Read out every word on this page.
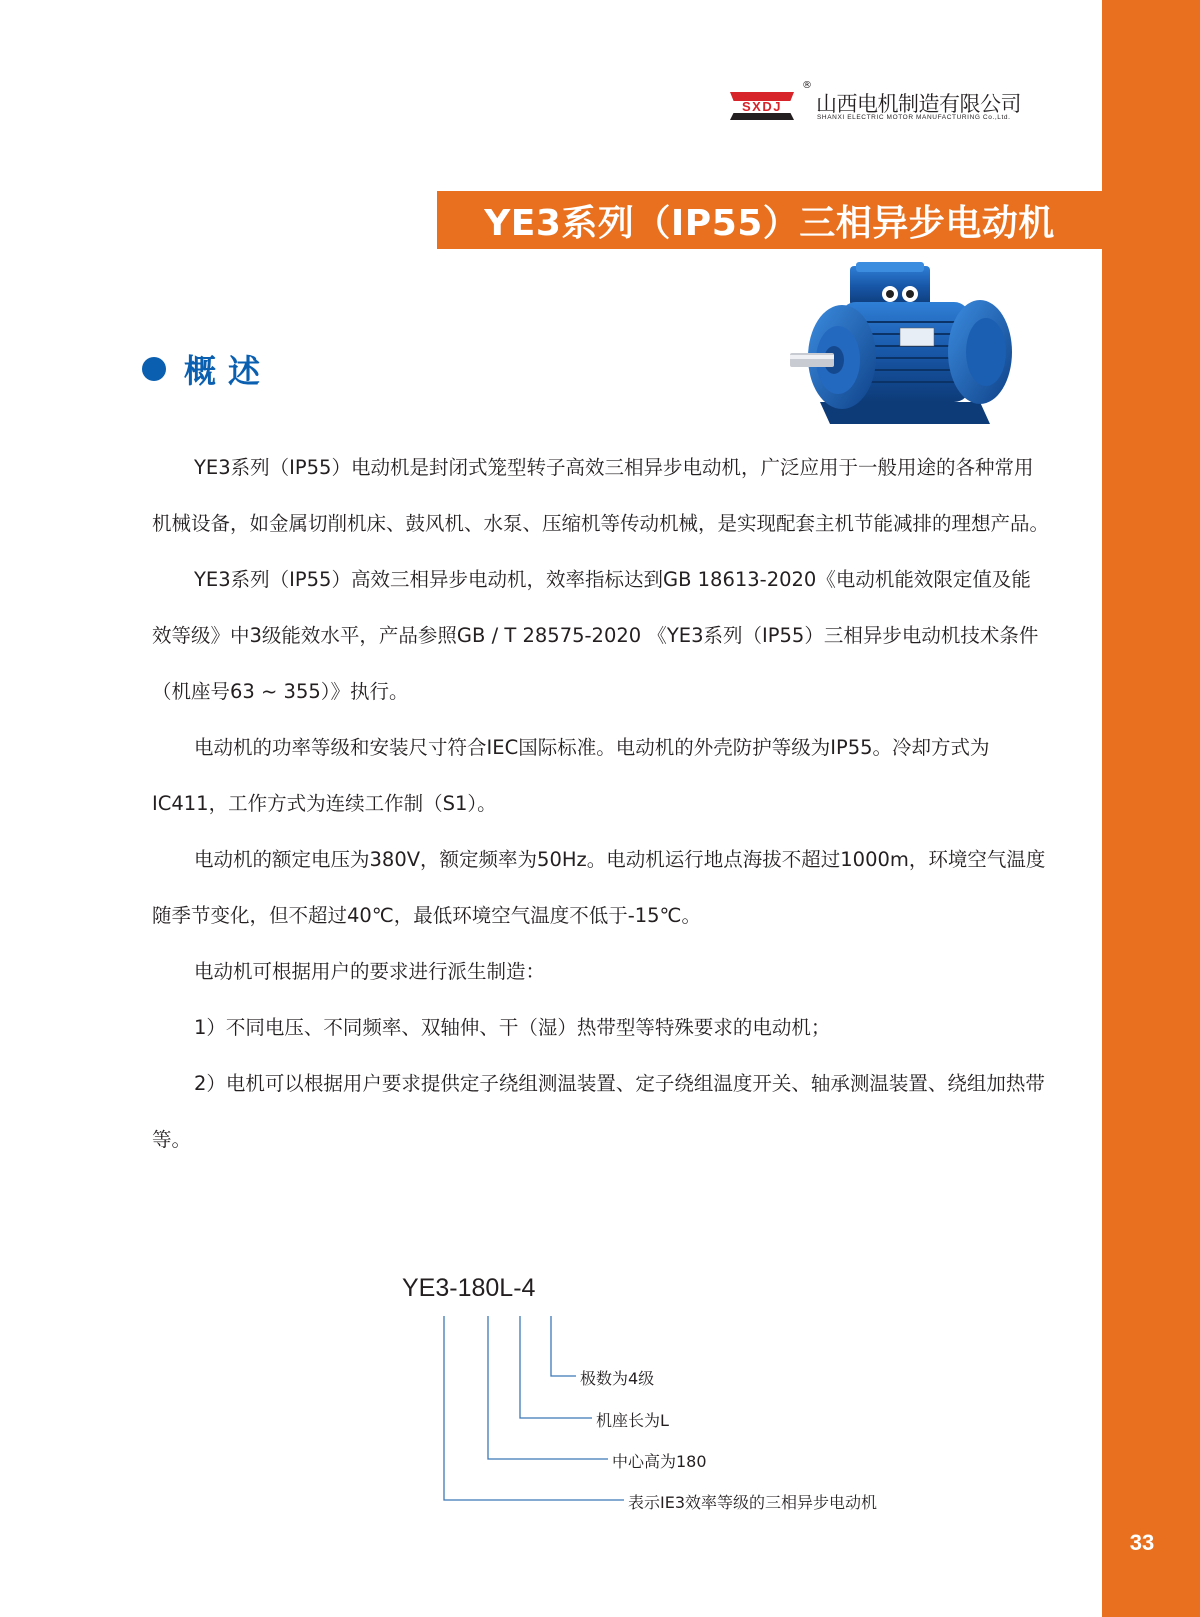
33
SXDJ
®
山西电机制造有限公司
SHANXI ELECTRIC MOTOR MANUFACTURING Co.,Ltd.
YE3系列（IP55）三相异步电动机
概述

YE3系列（IP55）电动机是封闭式笼型转子高效三相异步电动机，广泛应用于一般用途的各种常用机械设备，如金属切削机床、鼓风机、水泵、压缩机等传动机械，是实现配套主机节能减排的理想产品。

YE3系列（IP55）高效三相异步电动机，效率指标达到GB 18613-2020《电动机能效限定值及能效等级》中3级能效水平，产品参照GB / T 28575-2020 《YE3系列（IP55）三相异步电动机技术条件（机座号63 ~ 355）》执行。

电动机的功率等级和安装尺寸符合IEC国际标准。电动机的外壳防护等级为IP55。冷却方式为IC411，工作方式为连续工作制（S1）。

电动机的额定电压为380V，额定频率为50Hz。电动机运行地点海拔不超过1000m，环境空气温度随季节变化，但不超过40℃，最低环境空气温度不低于-15℃。

电动机可根据用户的要求进行派生制造：

1）不同电压、不同频率、双轴伸、干（湿）热带型等特殊要求的电动机；

2）电机可以根据用户要求提供定子绕组测温装置、定子绕组温度开关、轴承测温装置、绕组加热带等。

YE3-180L-4
极数为4级
机座长为L
中心高为180
表示IE3效率等级的三相异步电动机
